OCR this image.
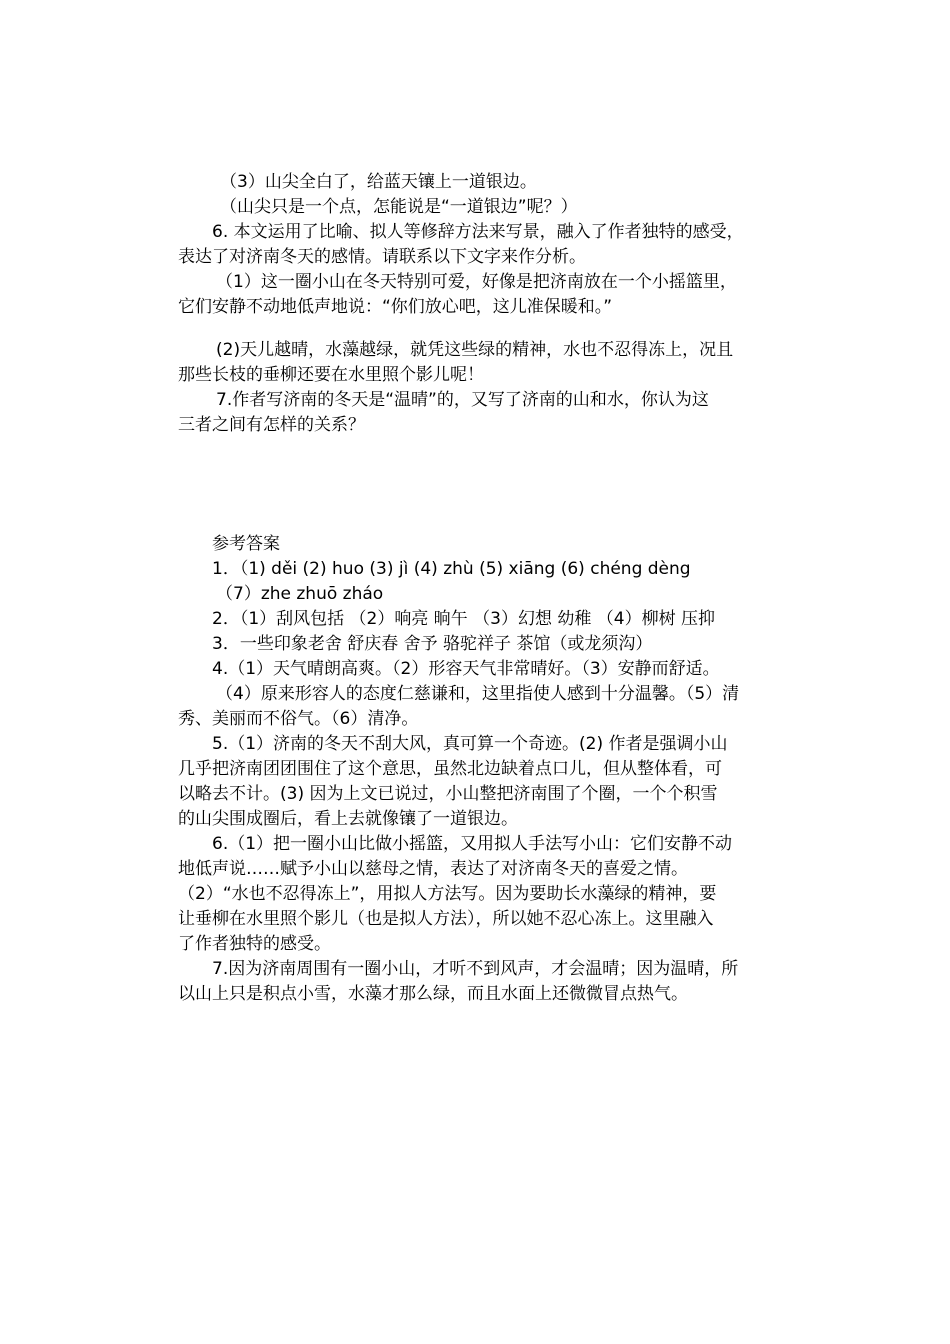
（3）山尖全白了，给蓝天镶上一道银边。

（山尖只是一个点，怎能说是“一道银边”呢？）

6. 本文运用了比喻、拟人等修辞方法来写景，融入了作者独特的感受，

表达了对济南冬天的感情。请联系以下文字来作分析。

（1）这一圈小山在冬天特别可爱，好像是把济南放在一个小摇篮里，

它们安静不动地低声地说：“你们放心吧，这儿准保暖和。”

(2)天儿越晴，水藻越绿，就凭这些绿的精神，水也不忍得冻上，况且

那些长枝的垂柳还要在水里照个影儿呢！

7.作者写济南的冬天是“温晴”的，又写了济南的山和水，你认为这

三者之间有怎样的关系？

参考答案

1．（1) děi (2) huo (3) jì (4) zhù (5) xiāng (6) chéng dèng

（7）zhe zhuō zháo

2．（1）刮风包括 （2）响亮 晌午 （3）幻想 幼稚 （4）柳树 压抑

3．一些印象老舍 舒庆春 舍予 骆驼祥子 茶馆（或龙须沟）

4.（1）天气晴朗高爽。（2）形容天气非常晴好。（3）安静而舒适。

（4）原来形容人的态度仁慈谦和，这里指使人感到十分温馨。（5）清

秀、美丽而不俗气。（6）清净。

5.（1）济南的冬天不刮大风，真可算一个奇迹。(2) 作者是强调小山

几乎把济南团团围住了这个意思，虽然北边缺着点口儿，但从整体看，可

以略去不计。(3) 因为上文已说过，小山整把济南围了个圈，一个个积雪

的山尖围成圈后，看上去就像镶了一道银边。

6.（1）把一圈小山比做小摇篮，又用拟人手法写小山：它们安静不动

地低声说……赋予小山以慈母之情，表达了对济南冬天的喜爱之情。

（2）“水也不忍得冻上”，用拟人方法写。因为要助长水藻绿的精神，要

让垂柳在水里照个影儿（也是拟人方法），所以她不忍心冻上。这里融入

了作者独特的感受。

7.因为济南周围有一圈小山，才听不到风声，才会温晴；因为温晴，所

以山上只是积点小雪，水藻才那么绿，而且水面上还微微冒点热气。
